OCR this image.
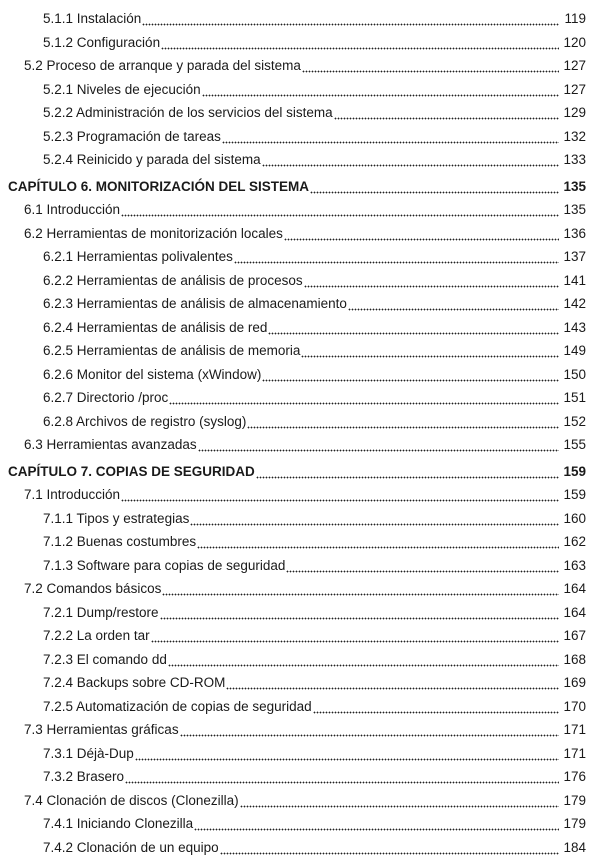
5.1.1 Instalación	119
5.1.2 Configuración	120
5.2 Proceso de arranque y parada del sistema	127
5.2.1 Niveles de ejecución	127
5.2.2 Administración de los servicios del sistema	129
5.2.3 Programación de tareas	132
5.2.4 Reinicido y parada del sistema	133
CAPÍTULO 6. MONITORIZACIÓN DEL SISTEMA	135
6.1 Introducción	135
6.2 Herramientas de monitorización locales	136
6.2.1 Herramientas polivalentes	137
6.2.2 Herramientas de análisis de procesos	141
6.2.3 Herramientas de análisis de almacenamiento	142
6.2.4 Herramientas de análisis de red	143
6.2.5 Herramientas de análisis de memoria	149
6.2.6 Monitor del sistema (xWindow)	150
6.2.7 Directorio /proc	151
6.2.8 Archivos de registro (syslog)	152
6.3 Herramientas avanzadas	155
CAPÍTULO 7. COPIAS DE SEGURIDAD	159
7.1 Introducción	159
7.1.1 Tipos y estrategias	160
7.1.2 Buenas costumbres	162
7.1.3 Software para copias de seguridad	163
7.2 Comandos básicos	164
7.2.1 Dump/restore	164
7.2.2 La orden tar	167
7.2.3 El comando dd	168
7.2.4 Backups sobre CD-ROM	169
7.2.5 Automatización de copias de seguridad	170
7.3 Herramientas gráficas	171
7.3.1 Déjà-Dup	171
7.3.2 Brasero	176
7.4 Clonación de discos (Clonezilla)	179
7.4.1 Iniciando Clonezilla	179
7.4.2 Clonación de un equipo	184
